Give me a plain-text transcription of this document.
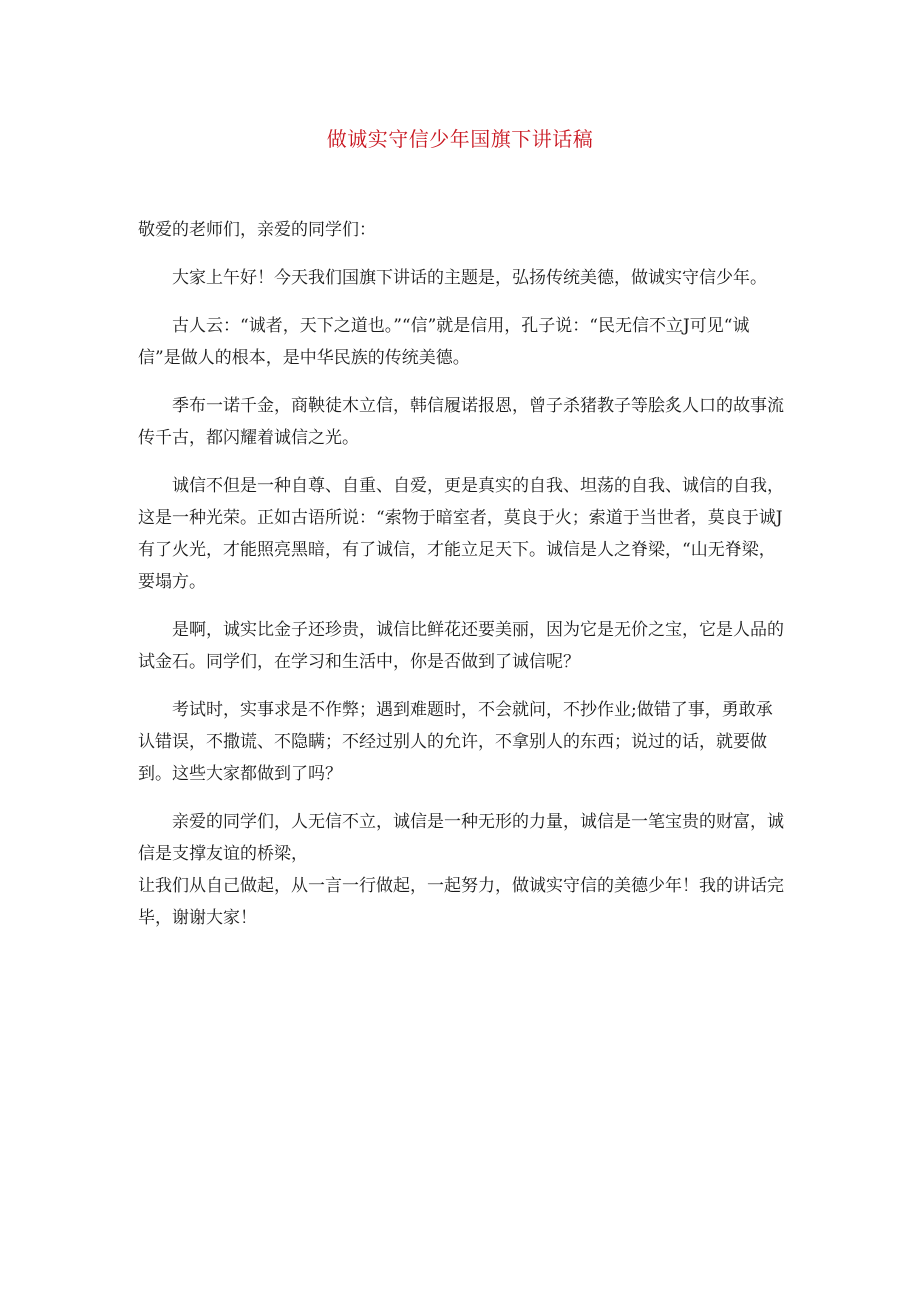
做诚实守信少年国旗下讲话稿

敬爱的老师们，亲爱的同学们：

大家上午好！今天我们国旗下讲话的主题是，弘扬传统美德，做诚实守信少年。

古人云：“诚者，天下之道也。”“信”就是信用，孔子说：“民无信不立J可见“诚信”是做人的根本，是中华民族的传统美德。

季布一诺千金，商鞅徒木立信，韩信履诺报恩，曾子杀猪教子等脍炙人口的故事流传千古，都闪耀着诚信之光。

诚信不但是一种自尊、自重、自爱，更是真实的自我、坦荡的自我、诚信的自我，这是一种光荣。正如古语所说：“索物于暗室者，莫良于火；索道于当世者，莫良于诚J有了火光，才能照亮黑暗，有了诚信，才能立足天下。诚信是人之脊梁，“山无脊梁，要塌方。

是啊，诚实比金子还珍贵，诚信比鲜花还要美丽，因为它是无价之宝，它是人品的试金石。同学们，在学习和生活中，你是否做到了诚信呢？

考试时，实事求是不作弊；遇到难题时，不会就问，不抄作业;做错了事，勇敢承认错误，不撒谎、不隐瞒；不经过别人的允许，不拿别人的东西；说过的话，就要做到。这些大家都做到了吗？

亲爱的同学们，人无信不立，诚信是一种无形的力量，诚信是一笔宝贵的财富，诚信是支撑友谊的桥梁，

让我们从自己做起，从一言一行做起，一起努力，做诚实守信的美德少年！我的讲话完毕，谢谢大家！
